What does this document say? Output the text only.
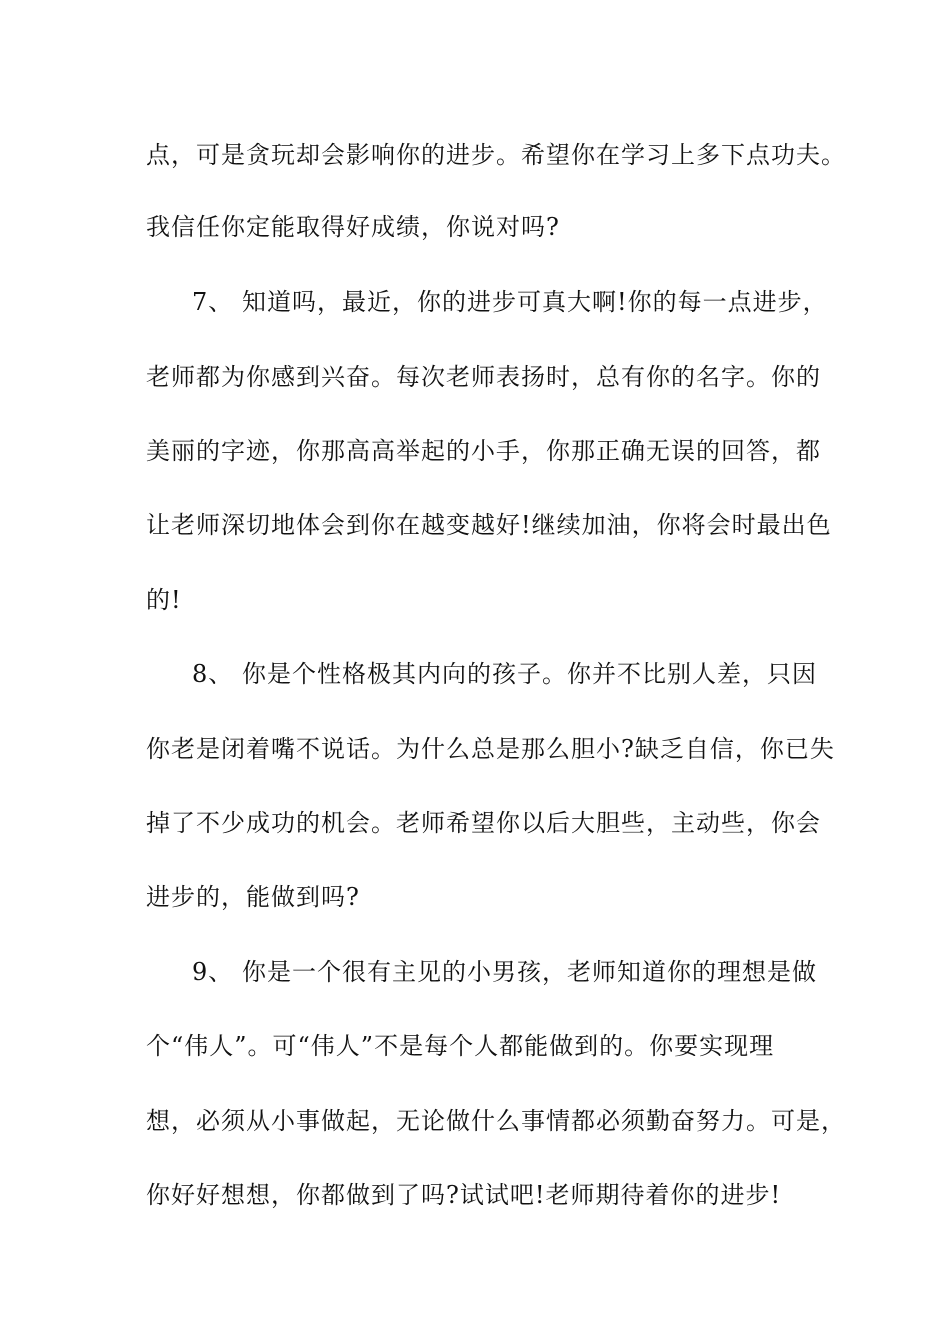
点，可是贪玩却会影响你的进步。希望你在学习上多下点功夫。
我信任你定能取得好成绩，你说对吗?
7、 知道吗，最近，你的进步可真大啊!你的每一点进步，
老师都为你感到兴奋。每次老师表扬时，总有你的名字。你的
美丽的字迹，你那高高举起的小手，你那正确无误的回答，都
让老师深切地体会到你在越变越好!继续加油，你将会时最出色
的!
8、 你是个性格极其内向的孩子。你并不比别人差，只因
你老是闭着嘴不说话。为什么总是那么胆小?缺乏自信，你已失
掉了不少成功的机会。老师希望你以后大胆些，主动些，你会
进步的，能做到吗?
9、 你是一个很有主见的小男孩，老师知道你的理想是做
个“伟人”。可“伟人”不是每个人都能做到的。你要实现理
想，必须从小事做起，无论做什么事情都必须勤奋努力。可是，
你好好想想，你都做到了吗?试试吧!老师期待着你的进步!
